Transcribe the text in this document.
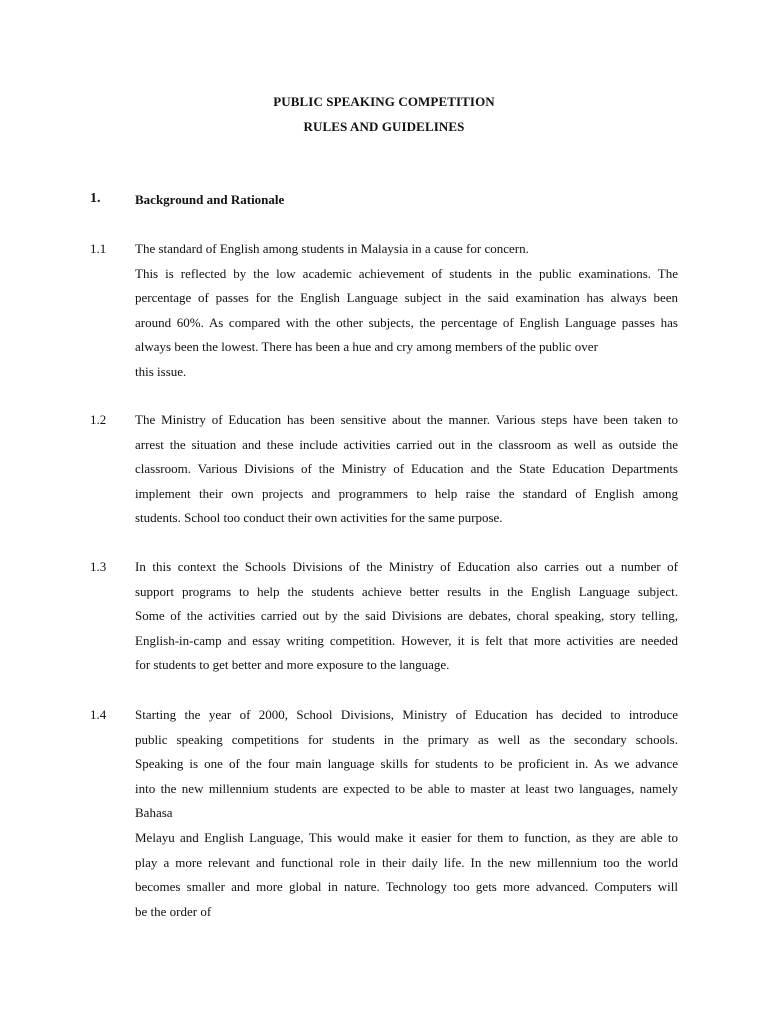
PUBLIC SPEAKING COMPETITION
RULES AND GUIDELINES
1.	Background and Rationale
1.1 The standard of English among students in Malaysia in a cause for concern.
This is reflected by the low academic achievement of students in the public examinations. The
percentage of passes for the English Language subject in the said examination has always been
around 60%. As compared with the other subjects, the percentage of English Language passes has
always been the lowest. There has been a hue and cry among members of the public over
this issue.
1.2 The Ministry of Education has been sensitive about the manner. Various steps have been taken to
arrest the situation and these include activities carried out in the classroom as well as outside the
classroom. Various Divisions of the Ministry of Education and the State Education Departments
implement their own projects and programmers to help raise the standard of English among
students. School too conduct their own activities for the same purpose.
1.3 In this context the Schools Divisions of the Ministry of Education also carries out a number of
support programs to help the students achieve better results in the English Language subject.
Some of the activities carried out by the said Divisions are debates, choral speaking, story telling,
English-in-camp and essay writing competition. However, it is felt that more activities are needed
for students to get better and more exposure to the language.
1.4 Starting the year of 2000, School Divisions, Ministry of Education has decided to introduce
public speaking competitions for students in the primary as well as the secondary schools.
Speaking is one of the four main language skills for students to be proficient in. As we advance
into the new millennium students are expected to be able to master at least two languages, namely
Bahasa
Melayu and English Language, This would make it easier for them to function, as they are able to
play a more relevant and functional role in their daily life. In the new millennium too the world
becomes smaller and more global in nature. Technology too gets more advanced. Computers will
be the order of
